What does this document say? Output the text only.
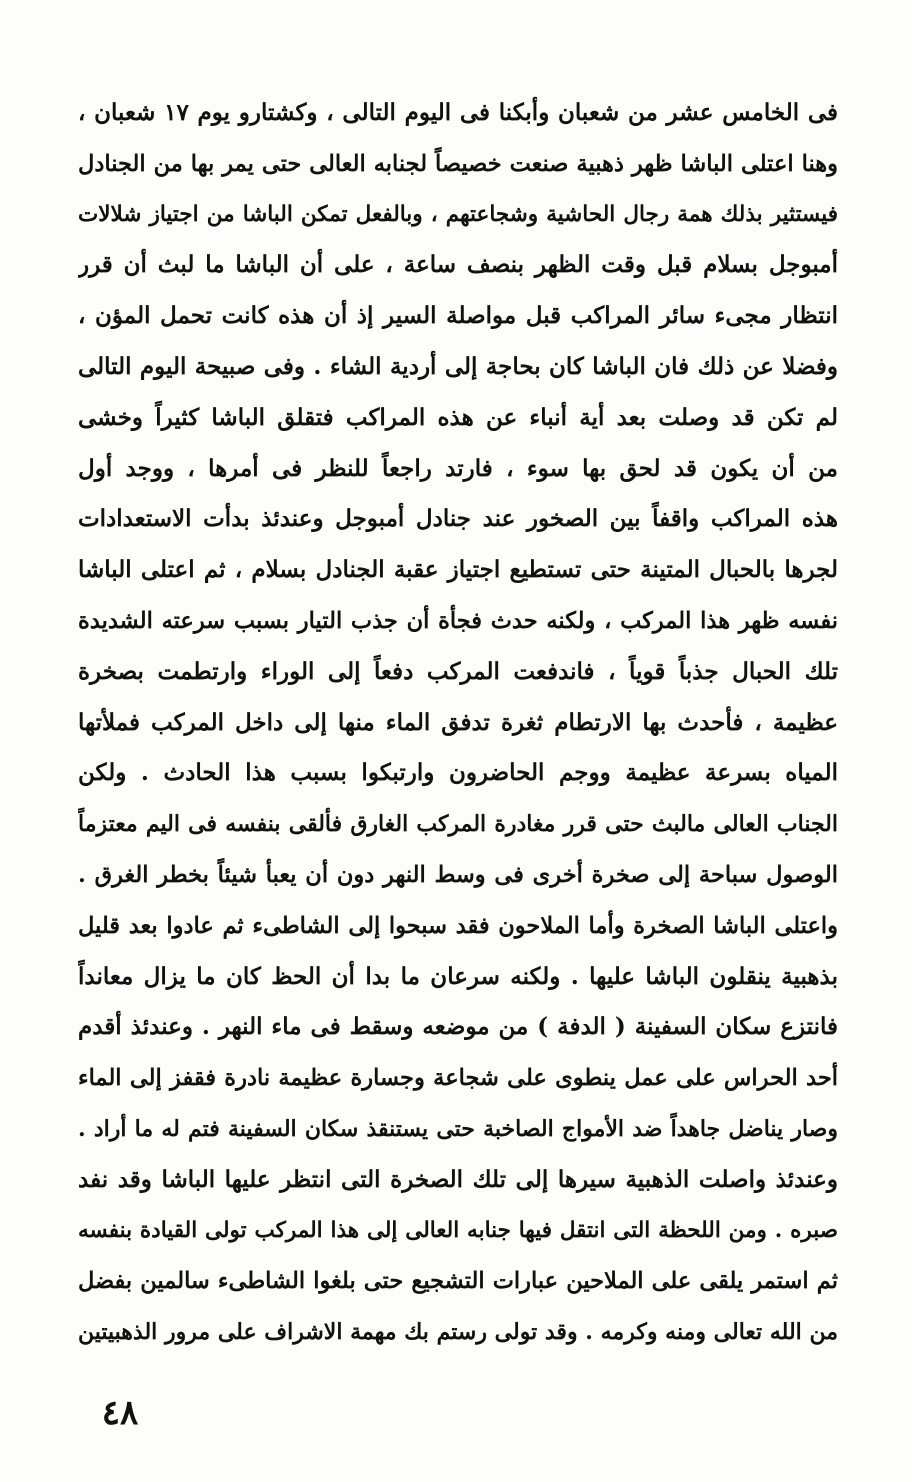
فى الخامس عشر من شعبان وأبكنا فى اليوم التالى ، وكشتارو يوم ١٧ شعبان ،
وهنا اعتلى الباشا ظهر ذهبية صنعت خصيصاً لجنابه العالى حتى يمر بها من الجنادل
فيستثير بذلك همة رجال الحاشية وشجاعتهم ، وبالفعل تمكن الباشا من اجتياز شلالات
أمبوجل بسلام قبل وقت الظهر بنصف ساعة ، على أن الباشا ما لبث أن قرر
انتظار مجىء سائر المراكب قبل مواصلة السير إذ أن هذه كانت تحمل المؤن ،
وفضلا عن ذلك فان الباشا كان بحاجة إلى أردية الشاء . وفى صبيحة اليوم التالى
لم تكن قد وصلت بعد أية أنباء عن هذه المراكب فتقلق الباشا كثيراً وخشى
من أن يكون قد لحق بها سوء ، فارتد راجعاً للنظر فى أمرها ، ووجد أول
هذه المراكب واقفاً بين الصخور عند جنادل أمبوجل وعندئذ بدأت الاستعدادات
لجرها بالحبال المتينة حتى تستطيع اجتياز عقبة الجنادل بسلام ، ثم اعتلى الباشا
نفسه ظهر هذا المركب ، ولكنه حدث فجأة أن جذب التيار بسبب سرعته الشديدة
تلك الحبال جذباً قوياً ، فاندفعت المركب دفعاً إلى الوراء وارتطمت بصخرة
عظيمة ، فأحدث بها الارتطام ثغرة تدفق الماء منها إلى داخل المركب فملأتها
المياه بسرعة عظيمة ووجم الحاضرون وارتبكوا بسبب هذا الحادث . ولكن
الجناب العالى مالبث حتى قرر مغادرة المركب الغارق فألقى بنفسه فى اليم معتزماً
الوصول سباحة إلى صخرة أخرى فى وسط النهر دون أن يعبأ شيئاً بخطر الغرق .
واعتلى الباشا الصخرة وأما الملاحون فقد سبحوا إلى الشاطىء ثم عادوا بعد قليل
بذهبية ينقلون الباشا عليها . ولكنه سرعان ما بدا أن الحظ كان ما يزال معانداً
فانتزع سكان السفينة ( الدفة ) من موضعه وسقط فى ماء النهر . وعندئذ أقدم
أحد الحراس على عمل ينطوى على شجاعة وجسارة عظيمة نادرة فقفز إلى الماء
وصار يناضل جاهداً ضد الأمواج الصاخبة حتى يستنقذ سكان السفينة فتم له ما أراد .
وعندئذ واصلت الذهبية سيرها إلى تلك الصخرة التى انتظر عليها الباشا وقد نفد
صبره . ومن اللحظة التى انتقل فيها جنابه العالى إلى هذا المركب تولى القيادة بنفسه
ثم استمر يلقى على الملاحين عبارات التشجيع حتى بلغوا الشاطىء سالمين بفضل
من الله تعالى ومنه وكرمه . وقد تولى رستم بك مهمة الاشراف على مرور الذهبيتين
٤٨
